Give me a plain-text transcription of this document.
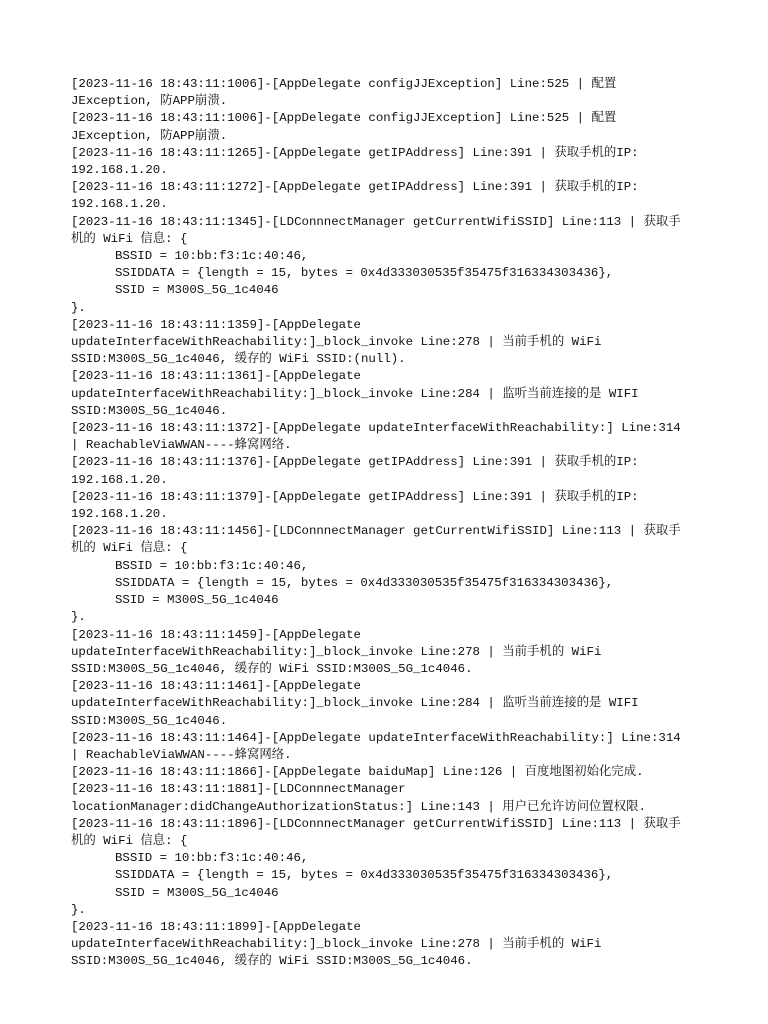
[2023-11-16 18:43:11:1006]-[AppDelegate configJJException] Line:525 | 配置
JException, 防APP崩溃.
[2023-11-16 18:43:11:1006]-[AppDelegate configJJException] Line:525 | 配置
JException, 防APP崩溃.
[2023-11-16 18:43:11:1265]-[AppDelegate getIPAddress] Line:391 | 获取手机的IP:
192.168.1.20.
[2023-11-16 18:43:11:1272]-[AppDelegate getIPAddress] Line:391 | 获取手机的IP:
192.168.1.20.
[2023-11-16 18:43:11:1345]-[LDConnnectManager getCurrentWifiSSID] Line:113 | 获取手
机的 WiFi 信息: {
BSSID = 10:bb:f3:1c:40:46,
SSIDDATA = {length = 15, bytes = 0x4d333030535f35475f316334303436},
SSID = M300S_5G_1c4046
}.
[2023-11-16 18:43:11:1359]-[AppDelegate
updateInterfaceWithReachability:]_block_invoke Line:278 | 当前手机的 WiFi
SSID:M300S_5G_1c4046, 缓存的 WiFi SSID:(null).
[2023-11-16 18:43:11:1361]-[AppDelegate
updateInterfaceWithReachability:]_block_invoke Line:284 | 监听当前连接的是 WIFI
SSID:M300S_5G_1c4046.
[2023-11-16 18:43:11:1372]-[AppDelegate updateInterfaceWithReachability:] Line:314
| ReachableViaWWAN----蜂窝网络.
[2023-11-16 18:43:11:1376]-[AppDelegate getIPAddress] Line:391 | 获取手机的IP:
192.168.1.20.
[2023-11-16 18:43:11:1379]-[AppDelegate getIPAddress] Line:391 | 获取手机的IP:
192.168.1.20.
[2023-11-16 18:43:11:1456]-[LDConnnectManager getCurrentWifiSSID] Line:113 | 获取手
机的 WiFi 信息: {
BSSID = 10:bb:f3:1c:40:46,
SSIDDATA = {length = 15, bytes = 0x4d333030535f35475f316334303436},
SSID = M300S_5G_1c4046
}.
[2023-11-16 18:43:11:1459]-[AppDelegate
updateInterfaceWithReachability:]_block_invoke Line:278 | 当前手机的 WiFi
SSID:M300S_5G_1c4046, 缓存的 WiFi SSID:M300S_5G_1c4046.
[2023-11-16 18:43:11:1461]-[AppDelegate
updateInterfaceWithReachability:]_block_invoke Line:284 | 监听当前连接的是 WIFI
SSID:M300S_5G_1c4046.
[2023-11-16 18:43:11:1464]-[AppDelegate updateInterfaceWithReachability:] Line:314
| ReachableViaWWAN----蜂窝网络.
[2023-11-16 18:43:11:1866]-[AppDelegate baiduMap] Line:126 | 百度地图初始化完成.
[2023-11-16 18:43:11:1881]-[LDConnnectManager
locationManager:didChangeAuthorizationStatus:] Line:143 | 用户已允许访问位置权限.
[2023-11-16 18:43:11:1896]-[LDConnnectManager getCurrentWifiSSID] Line:113 | 获取手
机的 WiFi 信息: {
BSSID = 10:bb:f3:1c:40:46,
SSIDDATA = {length = 15, bytes = 0x4d333030535f35475f316334303436},
SSID = M300S_5G_1c4046
}.
[2023-11-16 18:43:11:1899]-[AppDelegate
updateInterfaceWithReachability:]_block_invoke Line:278 | 当前手机的 WiFi
SSID:M300S_5G_1c4046, 缓存的 WiFi SSID:M300S_5G_1c4046.
